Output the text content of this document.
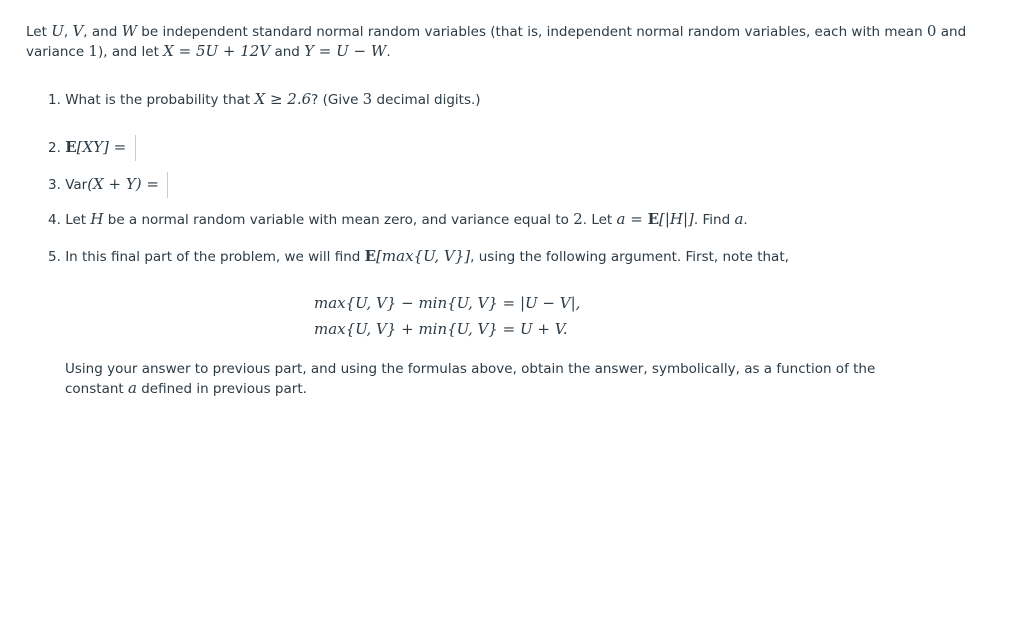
Let U, V, and W be independent standard normal random variables (that is, independent normal random variables, each with mean 0 and variance 1), and let X = 5U + 12V and Y = U − W.
1. What is the probability that X ≥ 2.6? (Give 3 decimal digits.)
2. E[XY] =
3. Var(X + Y) =
4. Let H be a normal random variable with mean zero, and variance equal to 2. Let a = E[|H|]. Find a.
5. In this final part of the problem, we will find E[max{U, V}], using the following argument. First, note that,
max{U, V} − min{U, V} = |U − V|,
max{U, V} + min{U, V} = U + V.
Using your answer to previous part, and using the formulas above, obtain the answer, symbolically, as a function of the constant a defined in previous part.
